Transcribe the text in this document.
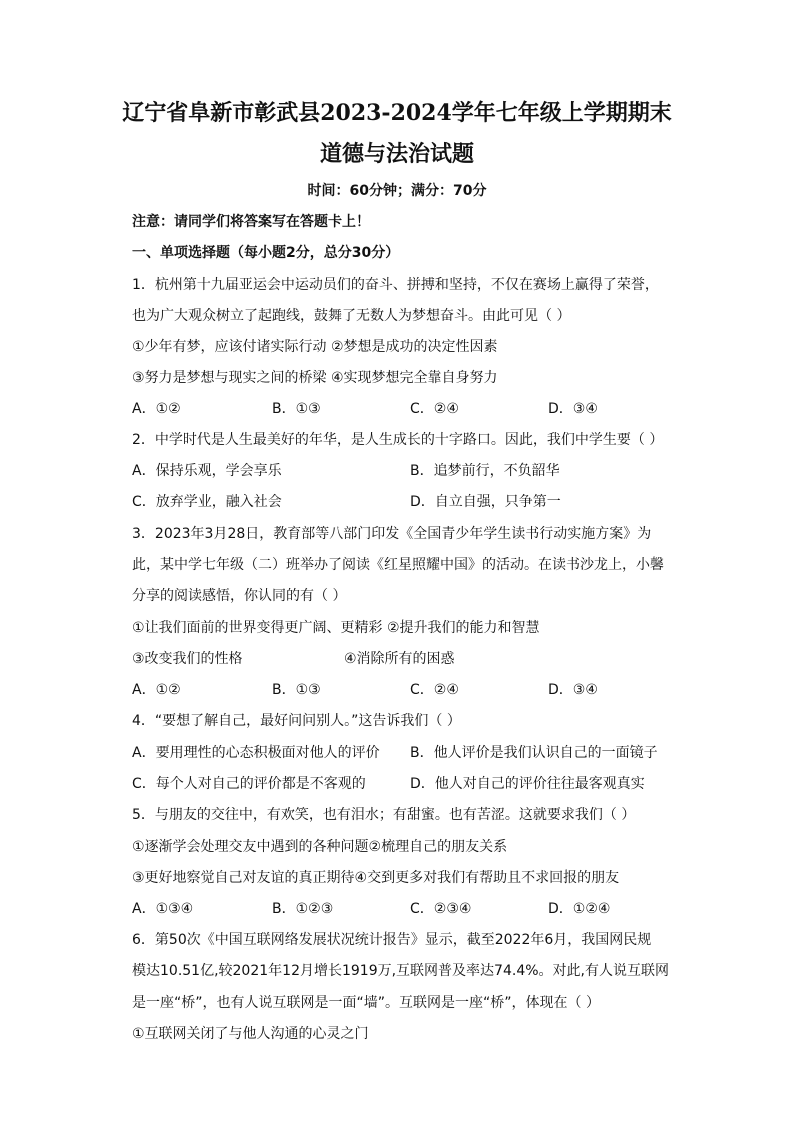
辽宁省阜新市彰武县2023-2024学年七年级上学期期末
道德与法治试题
时间：60分钟；满分：70分
注意：请同学们将答案写在答题卡上！
一、单项选择题（每小题2分，总分30分）
1．杭州第十九届亚运会中运动员们的奋斗、拼搏和坚持，不仅在赛场上赢得了荣誉，
也为广大观众树立了起跑线，鼓舞了无数人为梦想奋斗。由此可见（ ）
①少年有梦，应该付诸实际行动 ②梦想是成功的决定性因素
③努力是梦想与现实之间的桥梁 ④实现梦想完全靠自身努力
A．①②	B．①③	C．②④	D．③④
2．中学时代是人生最美好的年华，是人生成长的十字路口。因此，我们中学生要（ ）
A．保持乐观，学会享乐	B．追梦前行，不负韶华
C．放弃学业，融入社会	D．自立自强，只争第一
3．2023年3月28日，教育部等八部门印发《全国青少年学生读书行动实施方案》为
此，某中学七年级（二）班举办了阅读《红星照耀中国》的活动。在读书沙龙上，小馨
分享的阅读感悟，你认同的有（ ）
①让我们面前的世界变得更广阔、更精彩 ②提升我们的能力和智慧
③改变我们的性格	④消除所有的困惑
A．①②	B．①③	C．②④	D．③④
4．“要想了解自己，最好问问别人。”这告诉我们（ ）
A．要用理性的心态积极面对他人的评价 B．他人评价是我们认识自己的一面镜子
C．每个人对自己的评价都是不客观的	D．他人对自己的评价往往最客观真实
5．与朋友的交往中，有欢笑，也有泪水；有甜蜜。也有苦涩。这就要求我们（ ）
①逐渐学会处理交友中遇到的各种问题②梳理自己的朋友关系
③更好地察觉自己对友谊的真正期待④交到更多对我们有帮助且不求回报的朋友
A．①③④	B．①②③	C．②③④	D．①②④
6．第50次《中国互联网络发展状况统计报告》显示，截至2022年6月，我国网民规
模达10.51亿,较2021年12月增长1919万,互联网普及率达74.4%。对此,有人说互联网
是一座“桥”，也有人说互联网是一面“墙”。互联网是一座“桥”，体现在（ ）
①互联网关闭了与他人沟通的心灵之门
